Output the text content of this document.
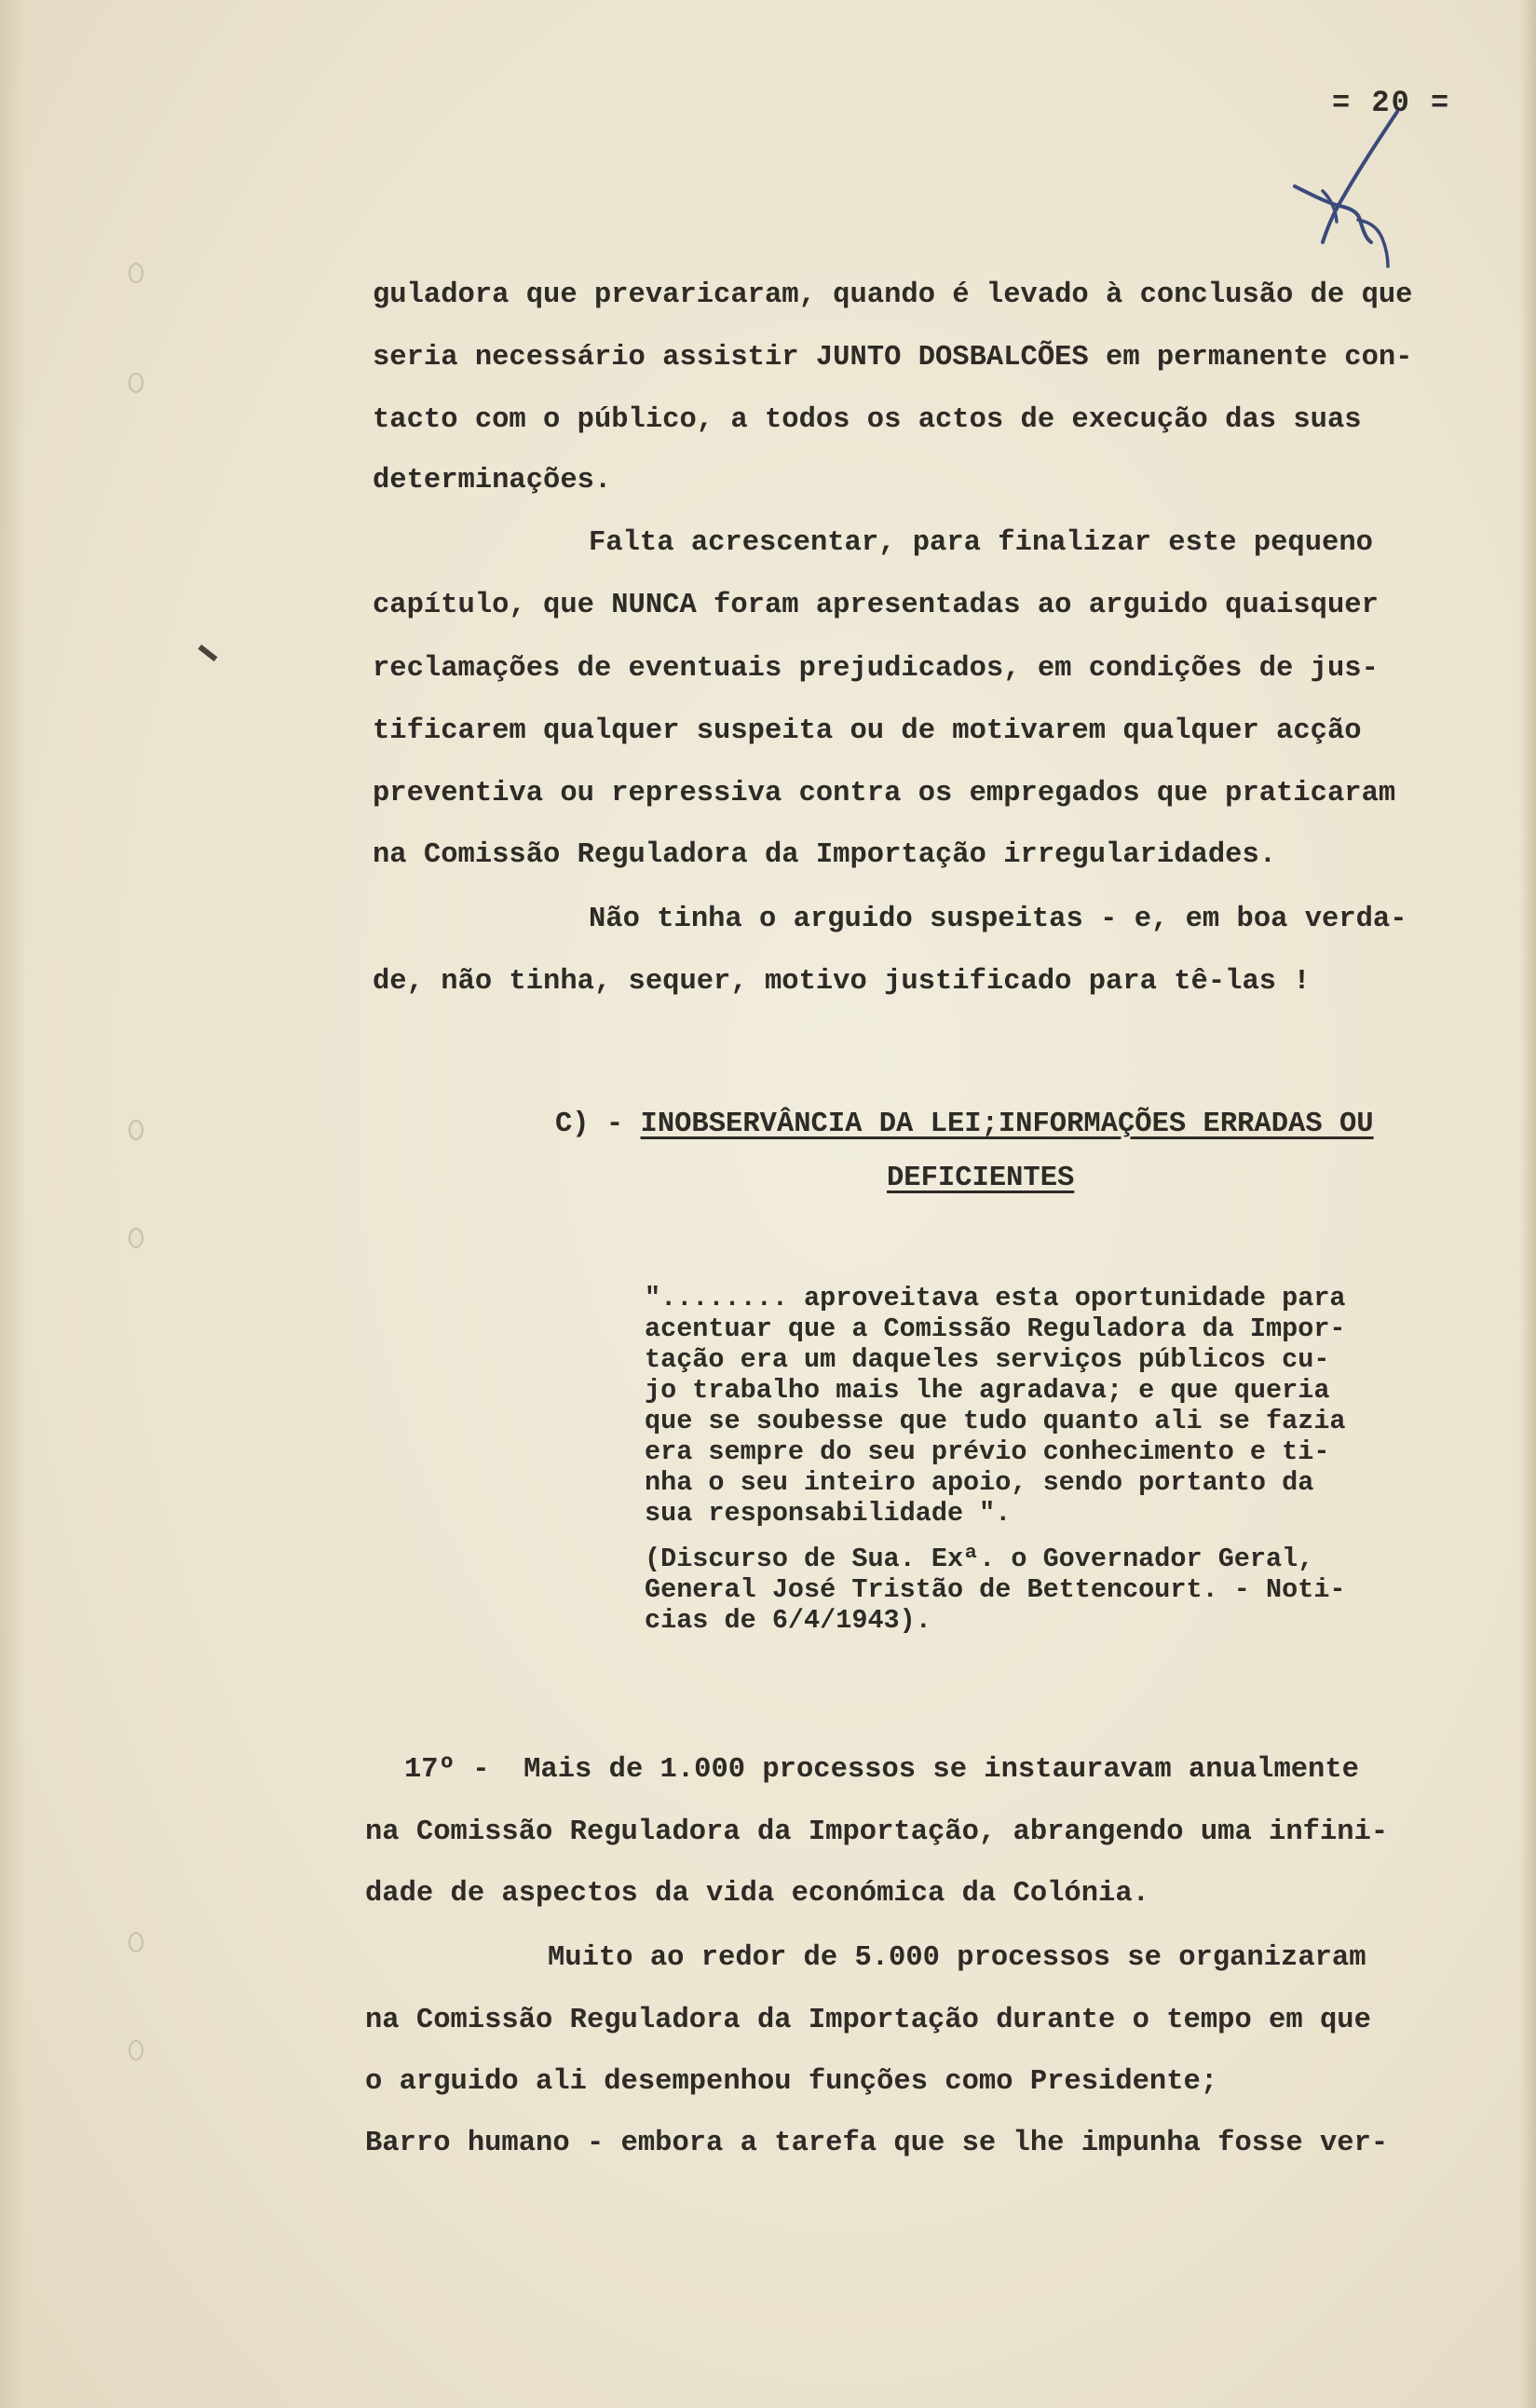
= 20 =
guladora que prevaricaram, quando é levado à conclusão de que
seria necessário assistir JUNTO DOSBALCÕES em permanente con-
tacto com o público, a todos os actos de execução das suas
determinações.
Falta acrescentar, para finalizar este pequeno
capítulo, que NUNCA foram apresentadas ao arguido quaisquer
reclamações de eventuais prejudicados, em condições de jus-
tificarem qualquer suspeita ou de motivarem qualquer acção
preventiva ou repressiva contra os empregados que praticaram
na Comissão Reguladora da Importação irregularidades.
Não tinha o arguido suspeitas - e, em boa verda-
de, não tinha, sequer, motivo justificado para tê-las !
C) - INOBSERVÂNCIA DA LEI;INFORMAÇÕES ERRADAS OU
DEFICIENTES
"........ aproveitava esta oportunidade para
acentuar que a Comissão Reguladora da Impor-
tação era um daqueles serviços públicos cu-
jo trabalho mais lhe agradava; e que queria
que se soubesse que tudo quanto ali se fazia
era sempre do seu prévio conhecimento e ti-
nha o seu inteiro apoio, sendo portanto da
sua responsabilidade ".
(Discurso de Sua. Exª. o Governador Geral,
General José Tristão de Bettencourt. - Noti-
cias de 6/4/1943).
17º -  Mais de 1.000 processos se instauravam anualmente
na Comissão Reguladora da Importação, abrangendo uma infini-
dade de aspectos da vida económica da Colónia.
Muito ao redor de 5.000 processos se organizaram
na Comissão Reguladora da Importação durante o tempo em que
o arguido ali desempenhou funções como Presidente;
Barro humano - embora a tarefa que se lhe impunha fosse ver-
